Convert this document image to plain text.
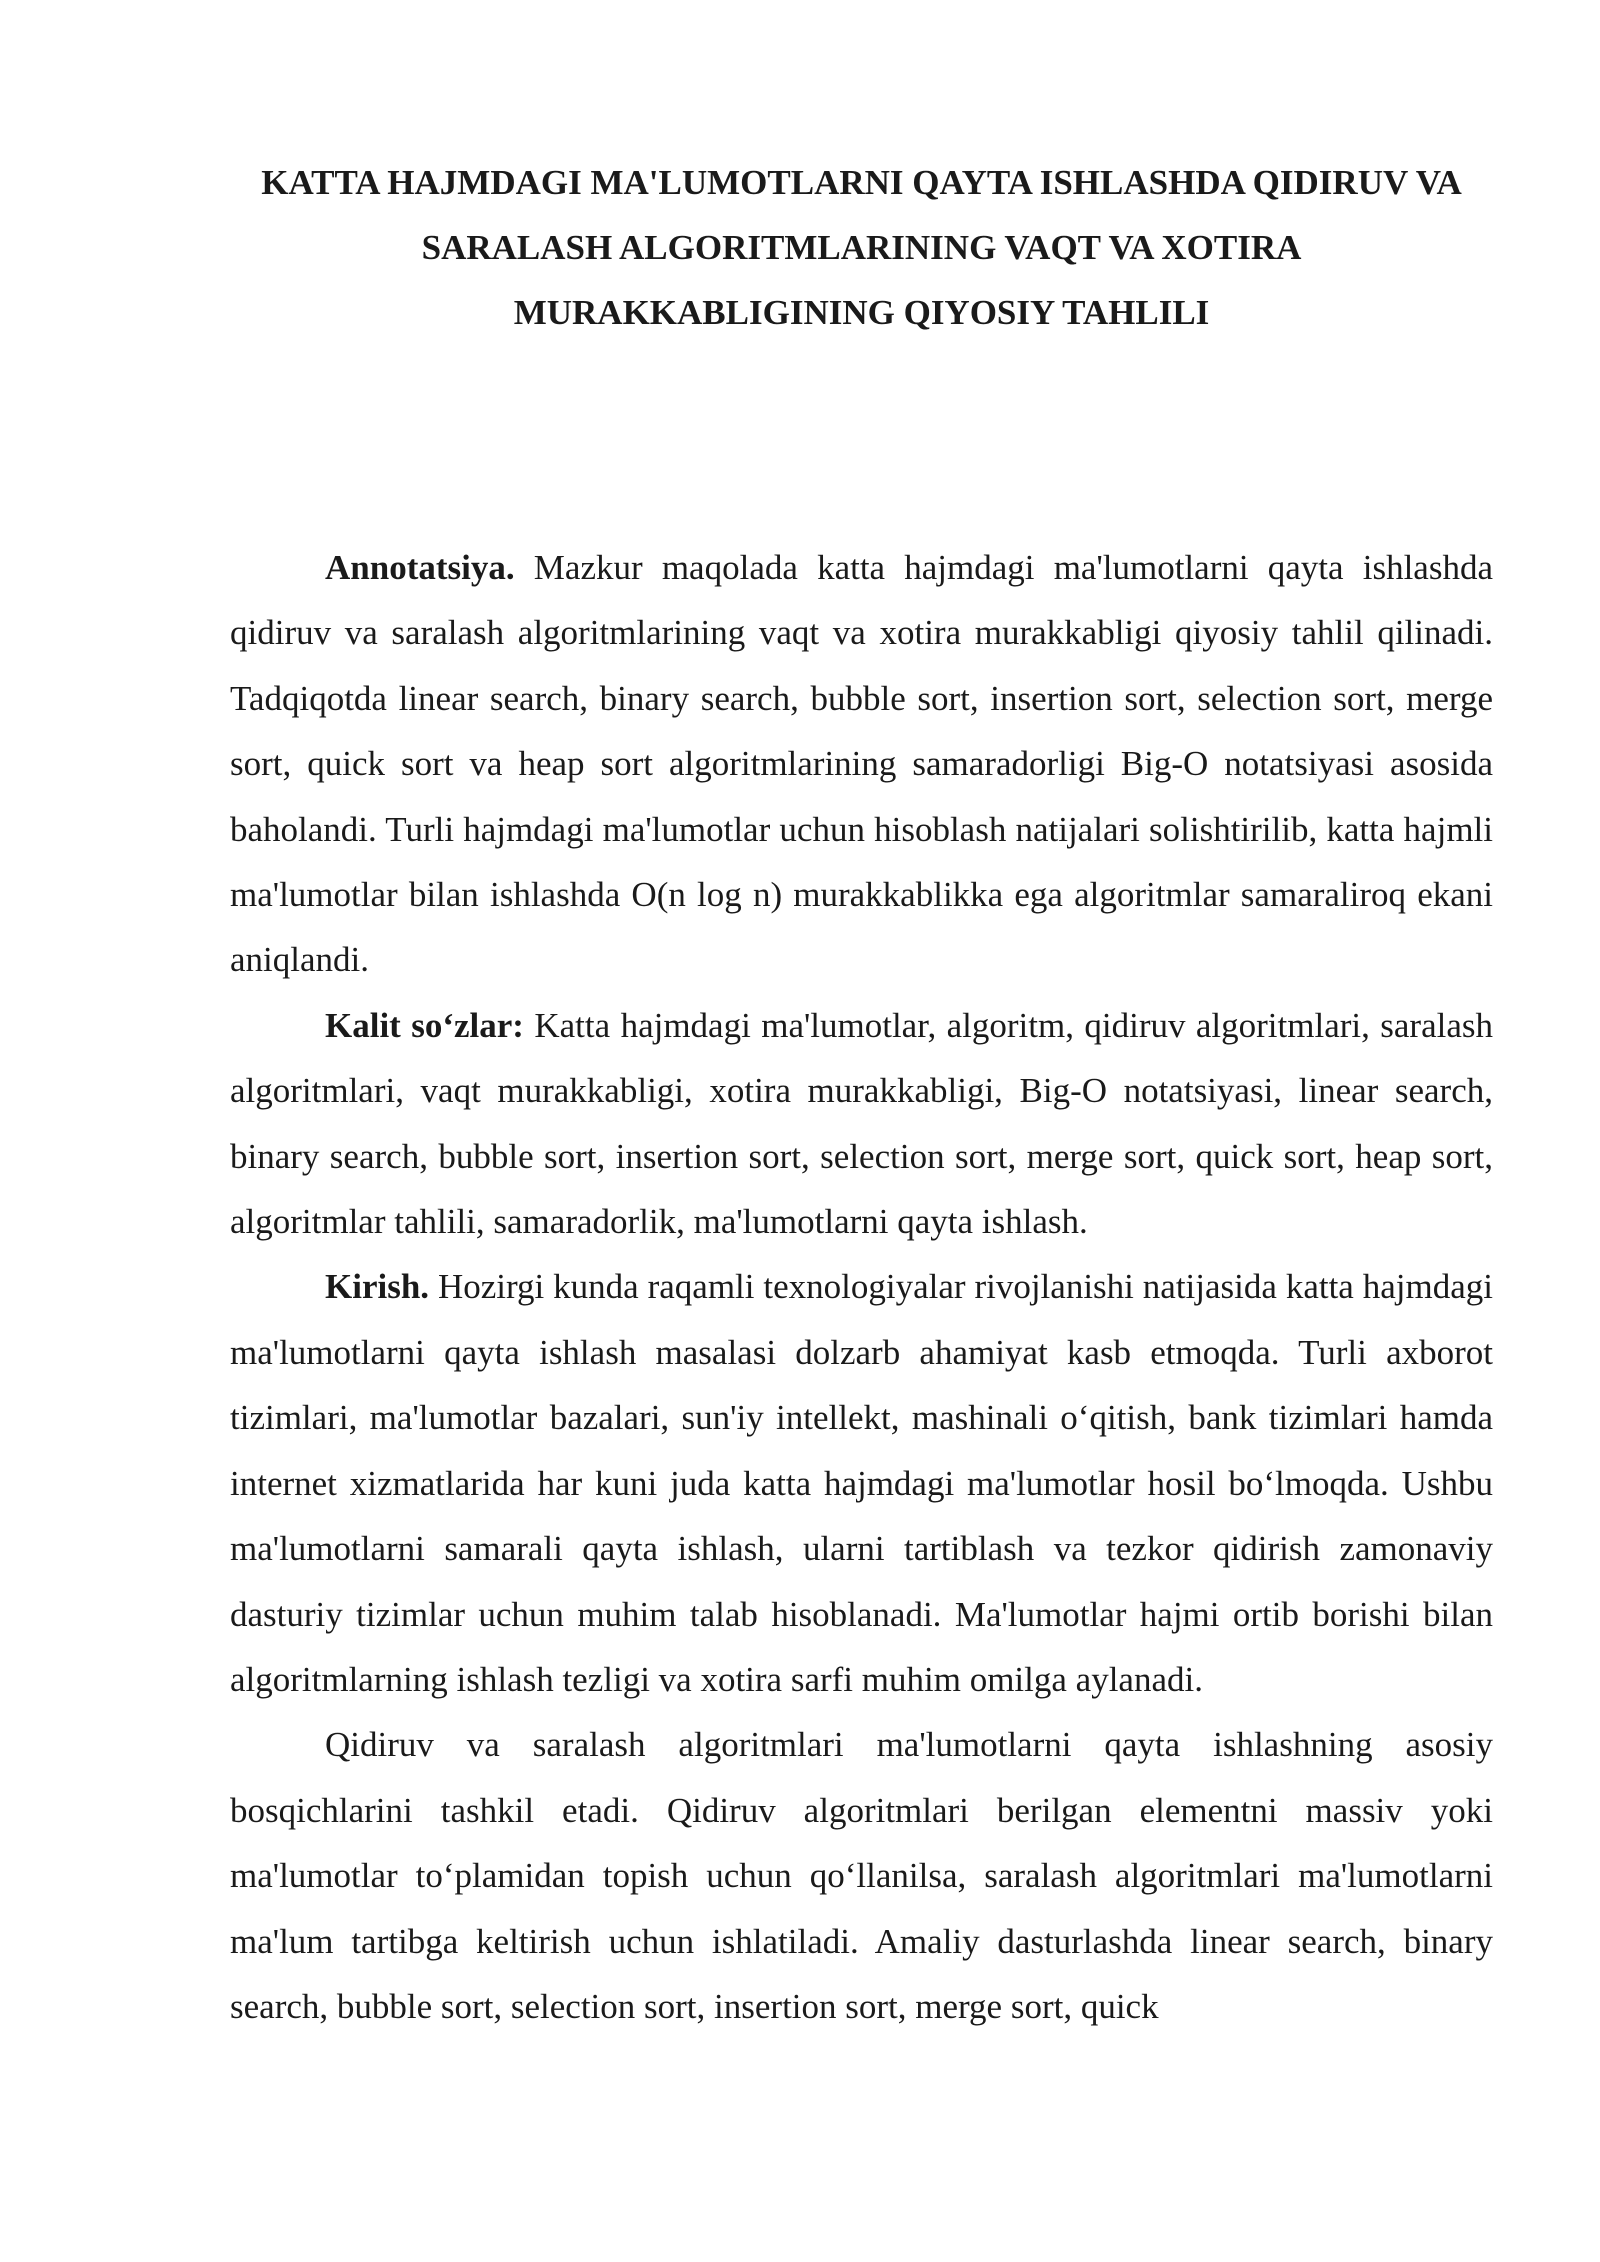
KATTA HAJMDAGI MA'LUMOTLARNI QAYTA ISHLASHDA QIDIRUV VA SARALASH ALGORITMLARINING VAQT VA XOTIRA MURAKKABLIGINING QIYOSIY TAHLILI

Annotatsiya. Mazkur maqolada katta hajmdagi ma'lumotlarni qayta ishlashda qidiruv va saralash algoritmlarining vaqt va xotira murakkabligi qiyosiy tahlil qilinadi. Tadqiqotda linear search, binary search, bubble sort, insertion sort, selection sort, merge sort, quick sort va heap sort algoritmlarining samaradorligi Big-O notatsiyasi asosida baholandi. Turli hajmdagi ma'lumotlar uchun hisoblash natijalari solishtirilib, katta hajmli ma'lumotlar bilan ishlashda O(n log n) murakkablikka ega algoritmlar samaraliroq ekani aniqlandi.

Kalit so‘zlar: Katta hajmdagi ma'lumotlar, algoritm, qidiruv algoritmlari, saralash algoritmlari, vaqt murakkabligi, xotira murakkabligi, Big-O notatsiyasi, linear search, binary search, bubble sort, insertion sort, selection sort, merge sort, quick sort, heap sort, algoritmlar tahlili, samaradorlik, ma'lumotlarni qayta ishlash.

Kirish. Hozirgi kunda raqamli texnologiyalar rivojlanishi natijasida katta hajmdagi ma'lumotlarni qayta ishlash masalasi dolzarb ahamiyat kasb etmoqda. Turli axborot tizimlari, ma'lumotlar bazalari, sun'iy intellekt, mashinali o‘qitish, bank tizimlari hamda internet xizmatlarida har kuni juda katta hajmdagi ma'lumotlar hosil bo‘lmoqda. Ushbu ma'lumotlarni samarali qayta ishlash, ularni tartiblash va tezkor qidirish zamonaviy dasturiy tizimlar uchun muhim talab hisoblanadi. Ma'lumotlar hajmi ortib borishi bilan algoritmlarning ishlash tezligi va xotira sarfi muhim omilga aylanadi.

Qidiruv va saralash algoritmlari ma'lumotlarni qayta ishlashning asosiy bosqichlarini tashkil etadi. Qidiruv algoritmlari berilgan elementni massiv yoki ma'lumotlar to‘plamidan topish uchun qo‘llanilsa, saralash algoritmlari ma'lumotlarni ma'lum tartibga keltirish uchun ishlatiladi. Amaliy dasturlashda linear search, binary search, bubble sort, selection sort, insertion sort, merge sort, quick
